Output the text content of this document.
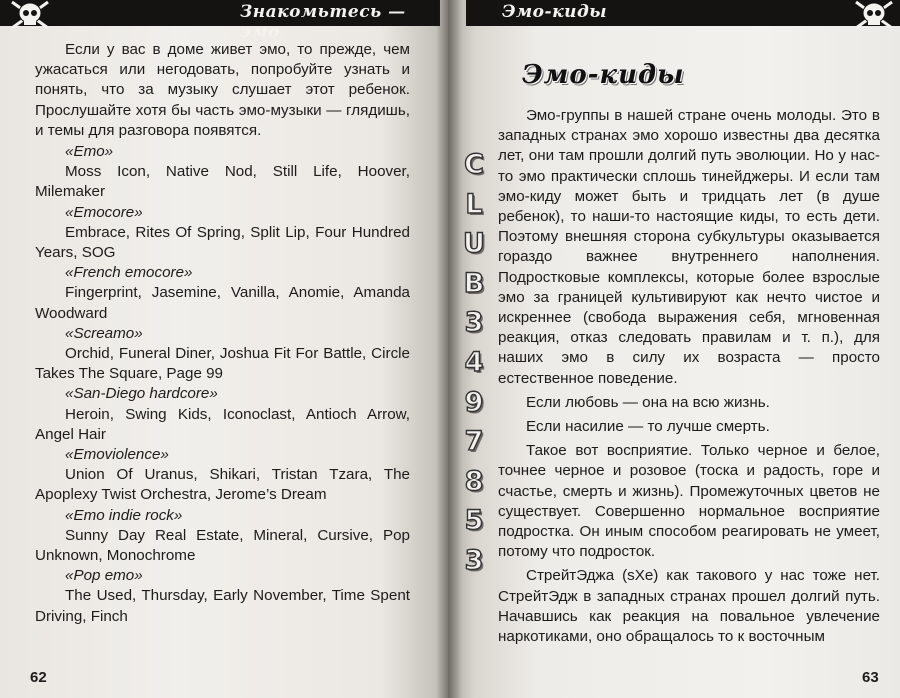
Знакомьтесь — эмо

Если у вас в доме живет эмо, то прежде, чем ужасаться или негодовать, попробуйте узнать и понять, что за музыку слушает этот ребенок. Прослушайте хотя бы часть эмо-музыки — глядишь, и темы для разговора появятся.

«Emo»
Moss Icon, Native Nod, Still Life, Hoover, Milemaker
«Emocore»
Embrace, Rites Of Spring, Split Lip, Four Hundred Years, SOG
«French emocore»
Fingerprint, Jasemine, Vanilla, Anomie, Amanda Woodward
«Screamo»
Orchid, Funeral Diner, Joshua Fit For Battle, Circle Takes The Square, Page 99
«San-Diego hardcore»
Heroin, Swing Kids, Iconoclast, Antioch Arrow, Angel Hair
«Emoviolence»
Union Of Uranus, Shikari, Tristan Tzara, The Apoplexy Twist Orchestra, Jerome’s Dream
«Emo indie rock»
Sunny Day Real Estate, Mineral, Cursive, Pop Unknown, Monochrome
«Pop emo»
The Used, Thursday, Early November, Time Spent Driving, Finch
62
Эмо-киды
Эмо-киды
C
L
U
B
3
4
9
7
8
5
3

Эмо-группы в нашей стране очень молоды. Это в западных странах эмо хорошо известны два десятка лет, они там прошли долгий путь эволюции. Но у нас-то эмо практически сплошь тинейджеры. И если там эмо-киду может быть и тридцать лет (в душе ребенок), то наши-то настоящие киды, то есть дети. Поэтому внешняя сторона субкультуры оказывается гораздо важнее внутреннего наполнения. Подростковые комплексы, которые более взрослые эмо за границей культивируют как нечто чистое и искреннее (свобода выражения себя, мгновенная реакция, отказ следовать правилам и т. п.), для наших эмо в силу их возраста — просто естественное поведение.

Если любовь — она на всю жизнь.

Если насилие — то лучше смерть.

Такое вот восприятие. Только черное и белое, точнее черное и розовое (тоска и радость, горе и счастье, смерть и жизнь). Промежуточных цветов не существует. Совершенно нормальное восприятие подростка. Он иным способом реагировать не умеет, потому что подросток.

СтрейтЭджа (sXe) как такового у нас тоже нет. СтрейтЭдж в западных странах прошел долгий путь. Начавшись как реакция на повальное увлечение наркотиками, оно обращалось то к восточным

63
